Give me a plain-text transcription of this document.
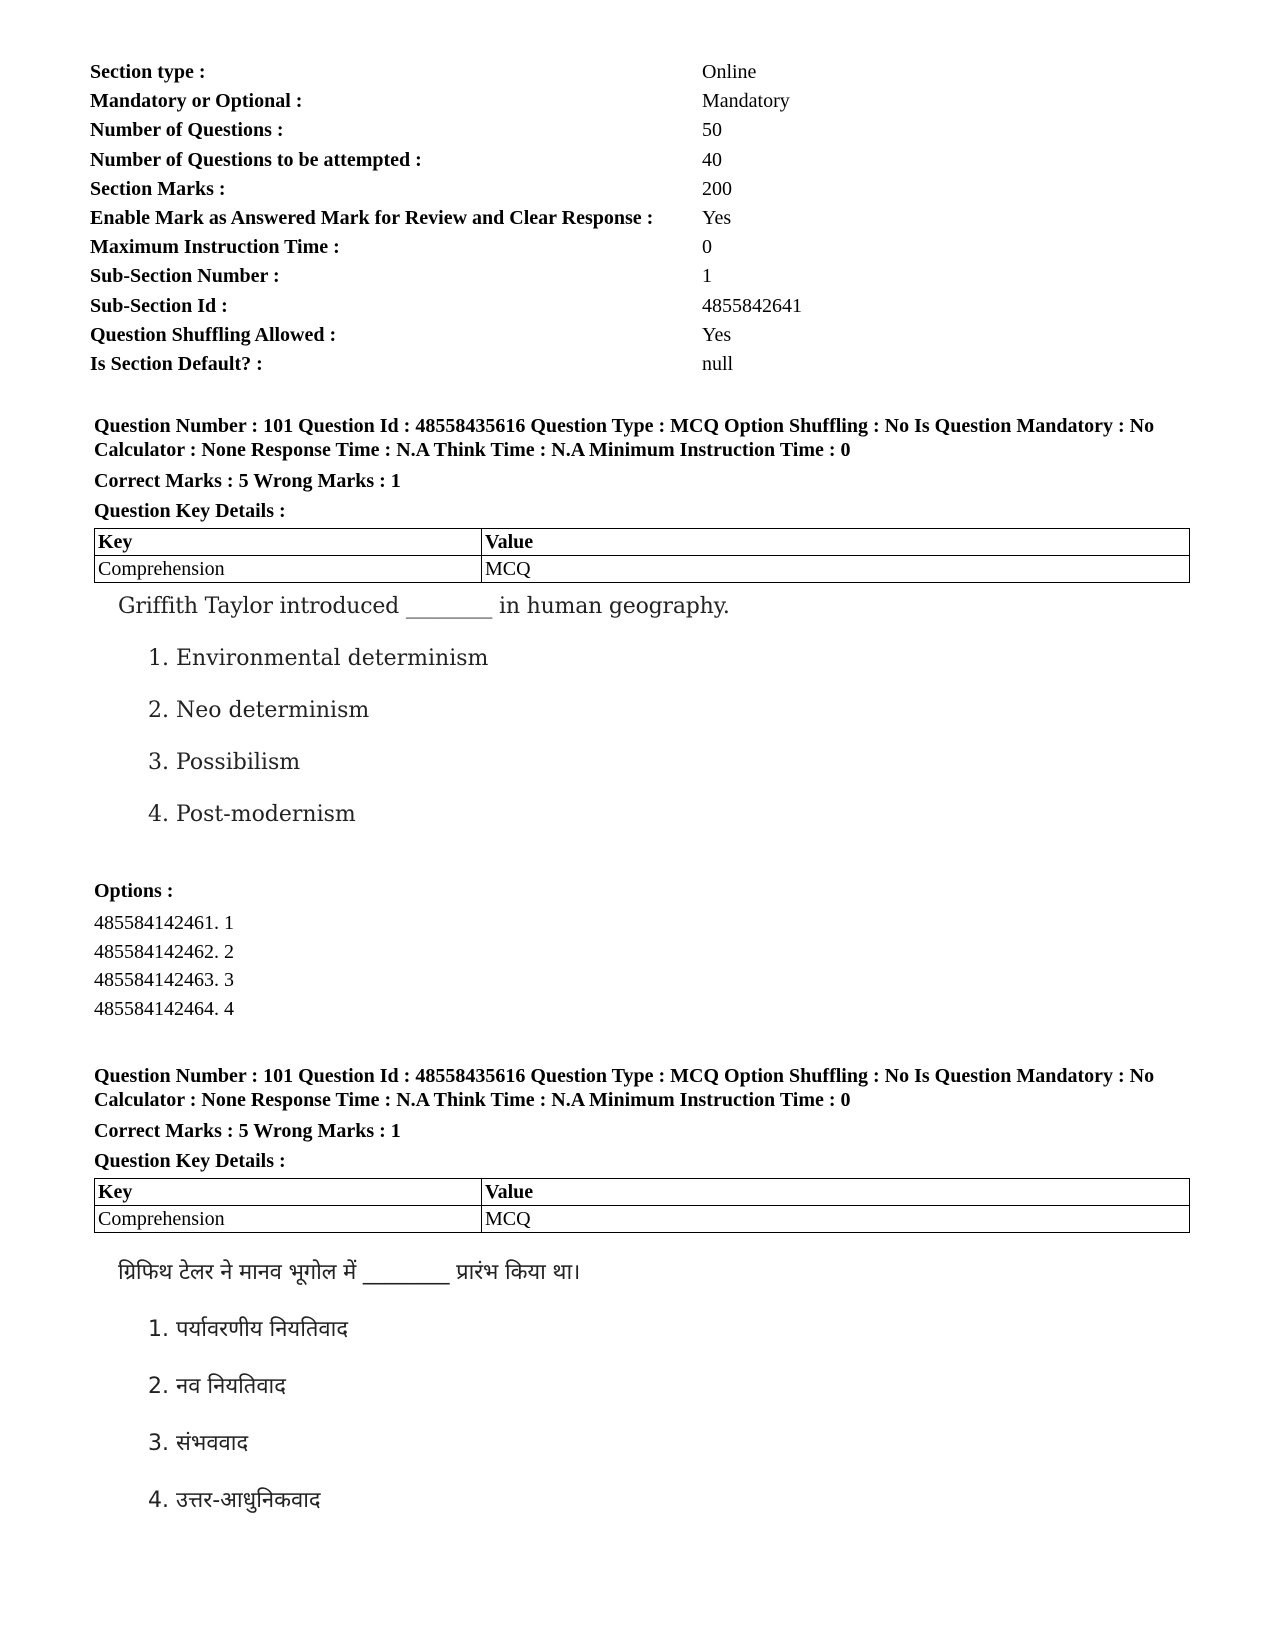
Section type :	Online
Mandatory or Optional :	Mandatory
Number of Questions :	50
Number of Questions to be attempted :	40
Section Marks :	200
Enable Mark as Answered Mark for Review and Clear Response : Yes
Maximum Instruction Time :	0
Sub-Section Number :	1
Sub-Section Id :	4855842641
Question Shuffling Allowed :	Yes
Is Section Default? :	null
Question Number : 101 Question Id : 48558435616 Question Type : MCQ Option Shuffling : No Is Question Mandatory : No Calculator : None Response Time : N.A Think Time : N.A Minimum Instruction Time : 0
Correct Marks : 5 Wrong Marks : 1
Question Key Details :
Key	Value
Comprehension	MCQ
Griffith Taylor introduced ________ in human geography.
1. Environmental determinism
2. Neo determinism
3. Possibilism
4. Post-modernism
Options :
485584142461. 1
485584142462. 2
485584142463. 3
485584142464. 4
Question Number : 101 Question Id : 48558435616 Question Type : MCQ Option Shuffling : No Is Question Mandatory : No Calculator : None Response Time : N.A Think Time : N.A Minimum Instruction Time : 0
Correct Marks : 5 Wrong Marks : 1
Question Key Details :
Key	Value
Comprehension	MCQ
ग्रिफिथ टेलर ने मानव भूगोल में ________ प्रारंभ किया था।
1. पर्यावरणीय नियतिवाद
2. नव नियतिवाद
3. संभववाद
4. उत्तर-आधुनिकवाद
